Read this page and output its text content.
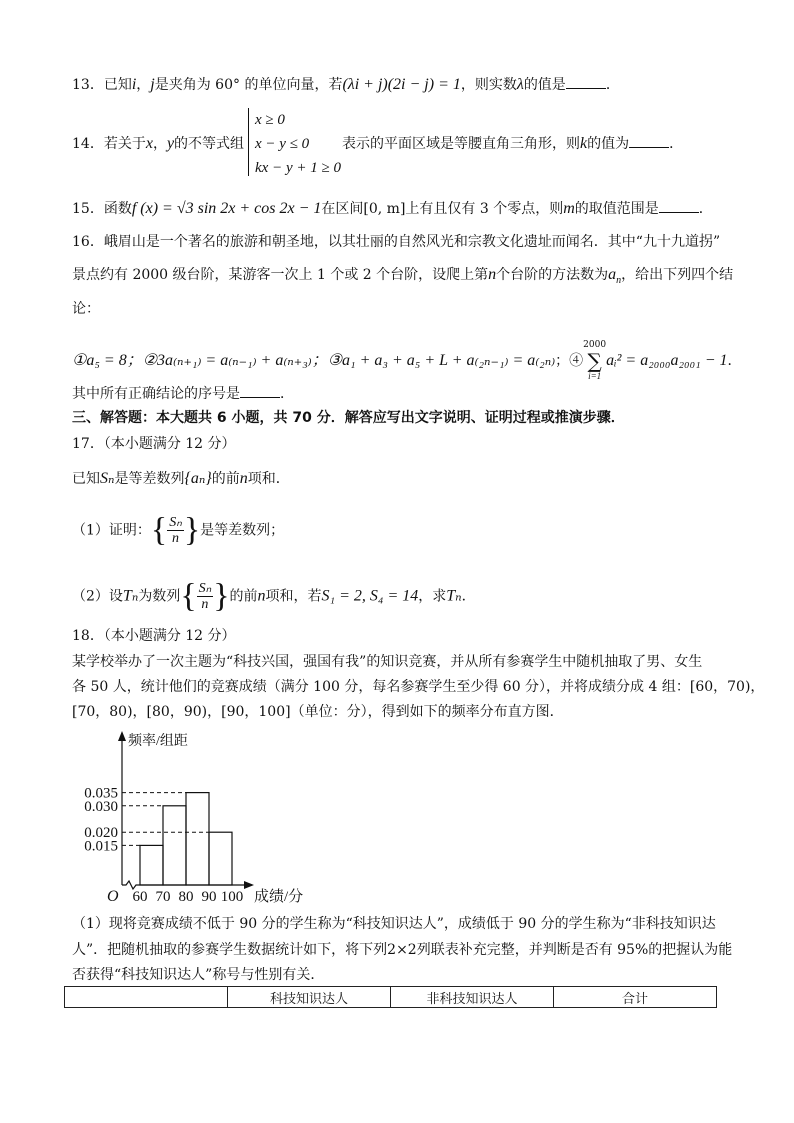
13．已知i，j是夹角为 60° 的单位向量，若(λi + j)(2i − j) = 1，则实数λ的值是	．
x ≥ 0
x − y ≤ 0
kx − y + 1 ≥ 0
14．若关于x，y的不等式组	表示的平面区域是等腰直角三角形，则k的值为	．
15．函数f (x) = √3 sin 2x + cos 2x − 1在区间[0, m]上有且仅有 3 个零点，则m的取值范围是	．
16．峨眉山是一个著名的旅游和朝圣地，以其壮丽的自然风光和宗教文化遗址而闻名．其中“九十九道拐”
景点约有 2000 级台阶，某游客一次上 1 个或 2 个台阶，设爬上第n个台阶的方法数为$a_n$，给出下列四个结
论：
①a₅ = 8；②3a₍ₙ₊₁₎ = a₍ₙ₋₁₎ + a₍ₙ₊₃₎；③a₁ + a₃ + a₅ + L + a₍₂ₙ₋₁₎ = a₍₂ₙ₎；④
2000
∑
i=1
aᵢ² = a₂₀₀₀a₂₀₀₁ − 1．
其中所有正确结论的序号是	．
三、解答题：本大题共 6 小题，共 70 分．解答应写出文字说明、证明过程或推演步骤．
17．（本小题满分 12 分）
已知Sₙ是等差数列{aₙ}的前n项和．
（1）证明：{ $\frac{\text{Sₙ}}{n}$ }是等差数列；
（2）设Tₙ为数列{ $\frac{\text{Sₙ}}{n}$ }的前n项和，若S₁ = 2, S₄ = 14，求Tₙ．
18．（本小题满分 12 分）
某学校举办了一次主题为“科技兴国，强国有我”的知识竞赛，并从所有参赛学生中随机抽取了男、女生
各 50 人，统计他们的竞赛成绩（满分 100 分，每名参赛学生至少得 60 分），并将成绩分成 4 组：[60，70)，
[70，80)，[80，90)，[90，100]（单位：分），得到如下的频率分布直方图．
O
频率/组距
成绩/分
0.035
0.030
0.020
0.015
60 70 80 90 100
（1）现将竞赛成绩不低于 90 分的学生称为“科技知识达人”，成绩低于 90 分的学生称为“非科技知识达
人”．把随机抽取的参赛学生数据统计如下，将下列2×2列联表补充完整，并判断是否有 95%的把握认为能
否获得“科技知识达人”称号与性别有关．
	科技知识达人	非科技知识达人	合计
